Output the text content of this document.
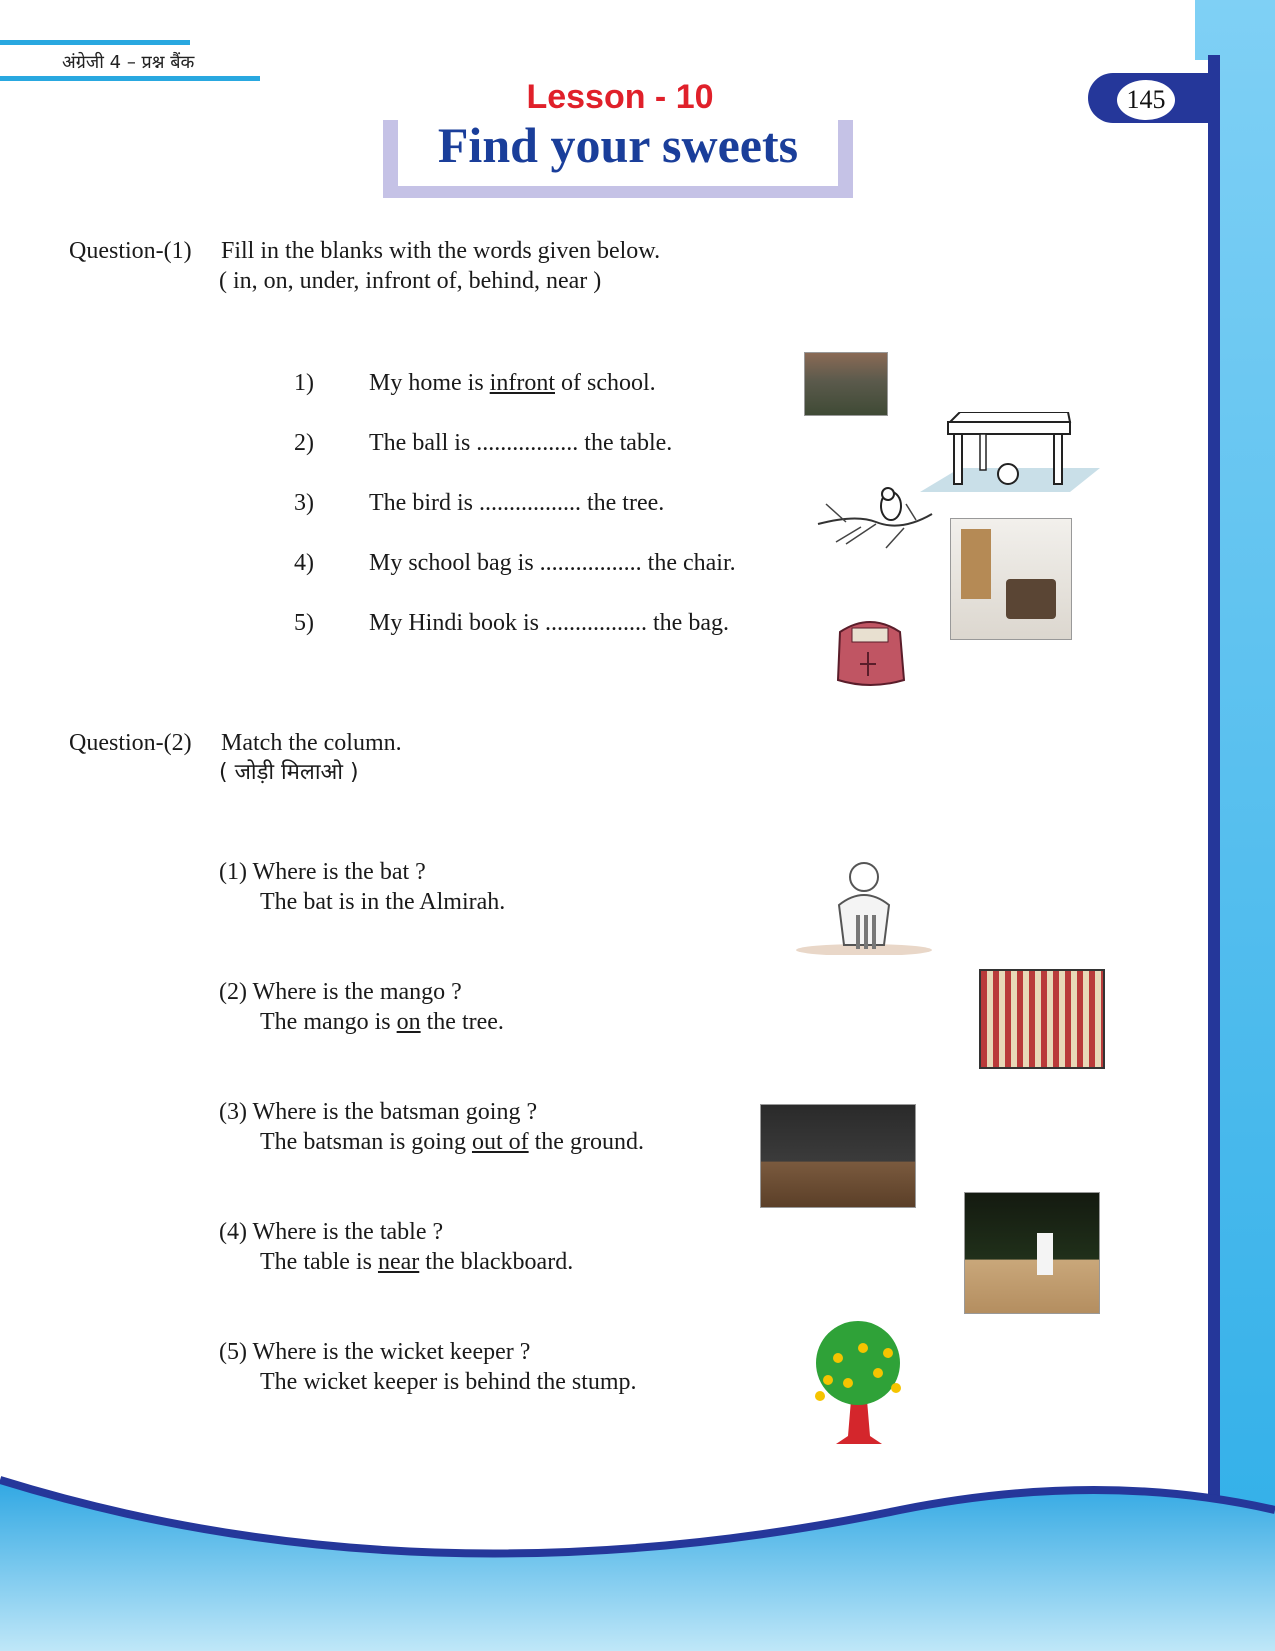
अंग्रेजी 4 – प्रश्न बैंक
145
Lesson - 10
Find your sweets
Question-(1) Fill in the blanks with the words given below.
( in, on, under, infront of, behind, near )
1) My home is infront of school.
2) The ball is ................. the table.
3) The bird is ................. the tree.
4) My school bag is ................. the chair.
5) My Hindi book is ................. the bag.
Question-(2) Match the column.
( जोड़ी मिलाओ )
(1) Where is the bat ?
The bat is in the Almirah.
(2) Where is the mango ?
The mango is on the tree.
(3) Where is the batsman going ?
The batsman is going out of the ground.
(4) Where is the table ?
The table is near the blackboard.
(5) Where is the wicket keeper ?
The wicket keeper is behind the stump.
